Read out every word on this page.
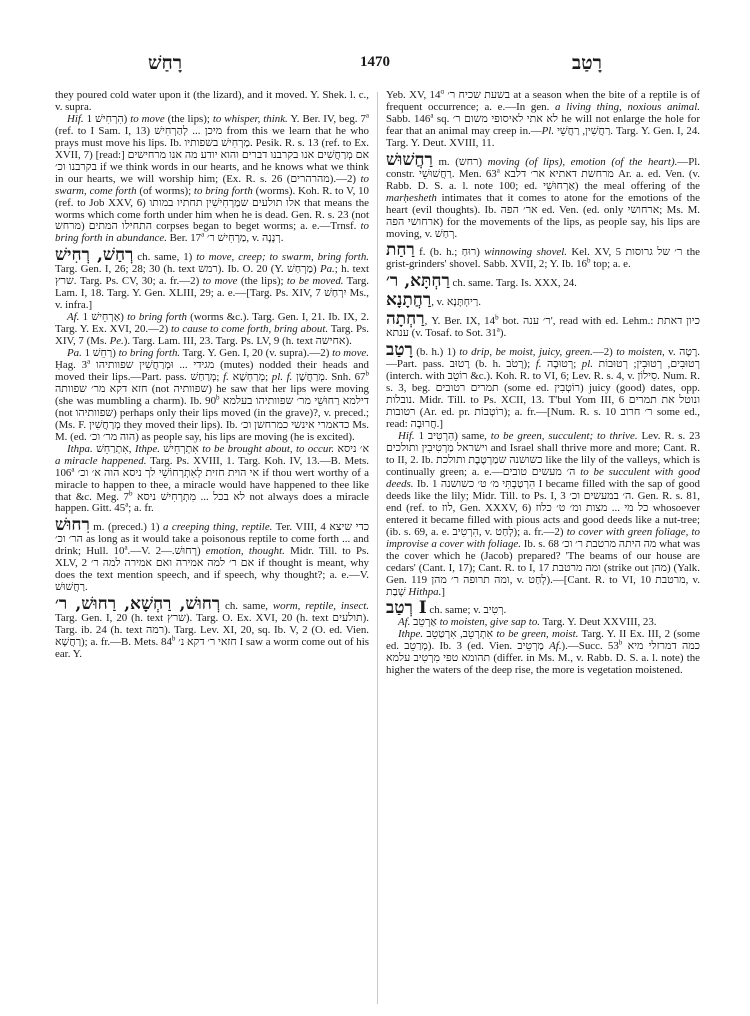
רָחַשׁ	1470	רָטַב

they poured cold water upon it (the lizard), and it moved. Y. Shek. l. c., v. supra.

Hif. הִרְחִישׁ 1) to move (the lips); to whisper, think. Y. Ber. IV, beg. 7$^a$ (ref. to I Sam. I, 13) מיכן ... לְהַרְחִישׁ from this we learn that he who prays must move his lips. Ib. מַרְחִישׁ בשפותיו. Pesik. R. s. 13 (ref. to Ex. XVII, 7) [read:] אם מְרַחֲשִׁים אנו בקרבנו דברים והוא יודע מה אנו מרחישים בקרבנו וכ׳ if we think words in our hearts, and he knows what we think in our hearts, we will worship him; (Ex. R. s. 26 (מהרהרים).—2) to swarm, come forth (of worms); to bring forth (worms). Koh. R. to V, 10 (ref. to Job XXV, 6) אלו תולעים שמַרְחִישִׁין תחתיו במותו that means the worms which come forth under him when he is dead. Gen. R. s. 23 (not מרחש) התחילו המתים corpses began to beget worms; a. e.—Trnsf. to bring forth in abundance. Ber. 17$^a$ מַרְחִישׁ ר׳, v. רְנָנָה.

רְחַשׁ, רְחִישׁ ch. same, 1) to move, creep; to swarm, bring forth. Targ. Gen. I, 26; 28; 30 (h. text רמש). Ib. O. 20 (Y. מַרְחַשׁ) Pa.; h. text שרץ. Targ. Ps. CV, 30; a. fr.—2) to move (the lips); to be moved. Targ. Lam. I, 18. Targ. Y. Gen. XLIII, 29; a. e.—[Targ. Ps. XIV, 7 יִרְחַשׁ Ms., v. infra.]

Af. אַרְחֵישׁ 1) to bring forth (worms &c.). Targ. Gen. I, 21. Ib. IX, 2. Targ. Y. Ex. XVI, 20.—2) to cause to come forth, bring about. Targ. Ps. XIV, 7 (Ms. Pe.). Targ. Lam. III, 23. Targ. Ps. LV, 9 (h. text אחישה).

Pa. רַחֵשׁ 1) to bring forth. Targ. Y. Gen. I, 20 (v. supra).—2) to move. Ḥag. 3$^a$ מגידי ... וּמְרַחֲשִׁין שפוותיהו (mutes) nodded their heads and moved their lips.—Part. pass. מְרַחַשׁ; f. מְרַחְשָׁא; pl. f. מְרַחֲשָׁן. Snh. 67$^b$ חזא דקא מר׳ שפוותה (not שפוותיה) he saw that her lips were moving (she was mumbling a charm). Ib. 90$^b$ דילמא רַחוּשֵׁי מר׳ שפוותיהו בעלמא (not שפוותיהו) perhaps only their lips moved (in the grave)?, v. preced.; (Ms. F. מְרַחֲשִׁין they moved their lips). Ib. כדאמרי אינשי כמרחשן וכ׳ Ms. M. (ed. הוה מר׳ וכ׳) as people say, his lips are moving (he is excited).

Ithpa. אִתְרַחֵשׁ, Ithpe. אִתְרְחֵישׁ to be brought about, to occur. א׳ ניסא a miracle happened. Targ. Ps. XVIII, 1. Targ. Koh. IV, 13.—B. Mets. 106$^a$ אי הוית חזית לְאִתְרְחוֹשֵׁי לך ניסא הוה א׳ וכ׳ if thou wert worthy of a miracle to happen to thee, a miracle would have happened to thee like that &c. Meg. 7$^b$ לא בכל ... מִתְרְחִישׁ ניסא not always does a miracle happen. Gitt. 45$^a$; a. fr.

רִחוּשׁ m. (preced.) 1) a creeping thing, reptile. Ter. VIII, 4 כדי שיצא הר׳ וכ׳ as long as it would take a poisonous reptile to come forth ... and drink; Hull. 10$^a$.—V. רְחוּשׁ.—2) emotion, thought. Midr. Till. to Ps. XLV, 2 אם ר׳ למה אמירה ואם אמירה למה ר׳ if thought is meant, why does the text mention speech, and if speech, why thought?; a. e.—V. רַחֲשׁוּשׁ.

רְחוּשׁ, רַחְשָׁא, רַחוּשׁ, ר׳ ch. same, worm, reptile, insect. Targ. Gen. I, 20 (h. text שרץ). Targ. O. Ex. XVI, 20 (h. text תולעים). Targ. ib. 24 (h. text רמה). Targ. Lev. XI, 20, sq. Ib. V, 2 (O. ed. Vien. רַחֲשָׁא); a. fr.—B. Mets. 84$^b$ חזאי ר׳ דקא נ׳ I saw a worm come out of his ear. Y.

Yeb. XV, 14$^d$ בשעת שכיח ר׳ at a season when the bite of a reptile is of frequent occurrence; a. e.—In gen. a living thing, noxious animal. Sabb. 146$^a$ sq. לא אתי לאיסופי משום ר׳ he will not enlarge the hole for fear that an animal may creep in.—Pl. רַחֲשִׁין, רַחֲשֵׁי. Targ. Y. Gen. I, 24. Targ. Y. Deut. XVIII, 11.

רַחֲשׁוּשׁ m. (רחש) moving (of lips), emotion (of the heart).—Pl. constr. רַחֲשׁוּשֵׁי. Men. 63$^a$ מרחשת דאתיא אר׳ דלבא Ar. a. ed. Ven. (v. Rabb. D. S. a. l. note 100; ed. אַרְחוּשֵׁי) the meal offering of the marḥesheth intimates that it comes to atone for the emotions of the heart (evil thoughts). Ib. אר׳ הפה ed. Ven. (ed. only ארחושי; Ms. M. ארחושי הפה) for the movements of the lips, as people say, his lips are moving, v. רְחַשׁ.

רַחַת f. (b. h.; רוּחַ) winnowing shovel. Kel. XV, 5 ר׳ של גרוסות the grist-grinders' shovel. Sabb. XVII, 2; Y. Ib. 16$^b$ top; a. e.

רַחְתָּא, ר׳ ch. same. Targ. Is. XXX, 24.

רַחֲתָנָא, v. רַיחְתָּנָא.

רַחְתָה, Y. Ber. IX, 14$^b$ bot. ר׳ ענה', read with ed. Lehm.: כיון דאתת ענתא (v. Tosaf. to Sot. 31$^a$).

רָטַב (b. h.) 1) to drip, be moist, juicy, green.—2) to moisten, v. רָטָה.—Part. pass. רָטוּב (b. h. רָטֹב); f. רְטוּבָה; pl. רְטוּבִים, רְטוּבִין; רְטוּבוֹת (interch. with רוֹטֵב &c.). Koh. R. to VI, 6; Lev. R. s. 4, v. סִילוֹן. Num. R. s. 3, beg. תמרים רטובים (some ed. רוֹטְבִין) juicy (good) dates, opp. נובלות. Midr. Till. to Ps. XCII, 13. T'bul Yom III, 6 ונוטל את תמרים רטובות (Ar. ed. pr. רוֹטְבוֹת); a. fr.—[Num. R. s. 10 ר׳ חרוב some ed., read: חֲרוּבָה.]

Hif. הִרְטִיב 1) same, to be green, succulent; to thrive. Lev. R. s. 23 וישראל מַרְטִיבִין ותולכים and Israel shall thrive more and more; Cant. R. to II, 2. Ib. כשושנה שמַרְטֶבֶת ותולכת like the lily of the valleys, which is continually green; a. e.—ה׳ מעשים טובים to be succulent with good deeds. Ib. 1 הִרְטַבְתִּי מ׳ ט׳ כשושנה I became filled with the sap of good deeds like the lily; Midr. Till. to Ps. I, 3 ה׳ במעשים וכ׳. Gen. R. s. 81, end (ref. to לוז, Gen. XXXV, 6) כל מי ... מצות ומ׳ ט׳ כלוז whosoever entered it became filled with pious acts and good deeds like a nut-tree; (ib. s. 69, a. e. הִרְטִיב, v. לְחַט); a. fr.—2) to cover with green foliage, to improvise a cover with foliage. Ib. s. 68 מה היתה מרטבת ר׳ וכ׳ what was the cover which he (Jacob) prepared? 'The beams of our house are cedars' (Cant. I, 17); Cant. R. to I, 17 ומה מרטבת (strike out מהן) (Yalk. Gen. 119 ומה תרופה ר׳ מהן, v. לְחַט).—[Cant. R. to VI, 10 מרטבת, v. שְׁבַת Hithpa.]

רְטַב I ch. same; v. רְטִיב.

Af. אַרְטֵב to moisten, give sap to. Targ. Y. Deut XXVIII, 23.

Ithpe. אִתְרְטֵב, אִרְטַטֵב to be green, moist. Targ. Y. II Ex. III, 2 (some ed. מְרַטֵב). Ib. 3 (ed. Vien. מַרְטֵיב Af.).—Succ. 53$^b$ כמה דמרזלי מיא תהומא טפי מִרְטִיב עלמא (differ. in Ms. M., v. Rabb. D. S. a. l. note) the higher the waters of the deep rise, the more is vegetation moistened.
